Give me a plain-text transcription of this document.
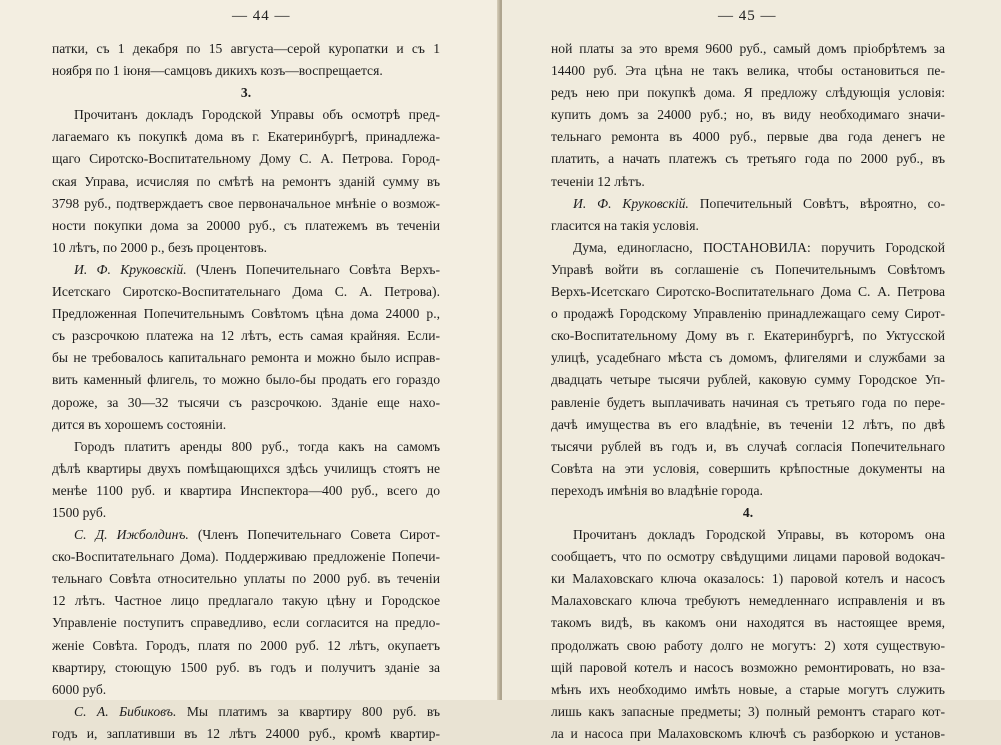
— 44 —
патки, съ 1 декабря по 15 августа—серой куропатки и съ 1
ноября по 1 іюня—самцовъ дикихъ козъ—воспрещается.
3.
Прочитанъ докладъ Городской Управы объ осмотрѣ пред-
лагаемаго къ покупкѣ дома въ г. Екатеринбургѣ, принадлежа-
щаго Сиротско-Воспитательному Дому С. А. Петрова. Город-
ская Управа, исчисляя по смѣтѣ на ремонтъ зданій сумму въ
3798 руб., подтверждаетъ свое первоначальное мнѣніе о возмож-
ности покупки дома за 20000 руб., съ платежемъ въ теченіи
10 лѣтъ, по 2000 р., безъ процентовъ.
И. Ф. Круковскій. (Членъ Попечительнаго Совѣта Верхъ-
Исетскаго Сиротско-Воспитательнаго Дома С. А. Петрова).
Предложенная Попечительнымъ Совѣтомъ цѣна дома 24000 р.,
съ разсрочкою платежа на 12 лѣтъ, есть самая крайняя. Если-
бы не требовалось капитальнаго ремонта и можно было исправ-
вить каменный флигель, то можно было-бы продать его гораздо
дороже, за 30—32 тысячи съ разсрочкою. Зданіе еще нахо-
дится въ хорошемъ состояніи.
Городъ платитъ аренды 800 руб., тогда какъ на самомъ
дѣлѣ квартиры двухъ помѣщающихся здѣсь училищъ стоятъ не
менѣе 1100 руб. и квартира Инспектора—400 руб., всего до
1500 руб.
С. Д. Ижболдинъ. (Членъ Попечительнаго Совета Сирот-
ско-Воспитательнаго Дома). Поддерживаю предложеніе Попечи-
тельнаго Совѣта относительно уплаты по 2000 руб. въ теченіи
12 лѣтъ. Частное лицо предлагало такую цѣну и Городское
Управленіе поступитъ справедливо, если согласится на предло-
женіе Совѣта. Городъ, платя по 2000 руб. 12 лѣтъ, окупаетъ
квартиру, стоющую 1500 руб. въ годъ и получитъ зданіе за
6000 руб.
С. А. Бибиковъ. Мы платимъ за квартиру 800 руб. въ
годъ и, заплативши въ 12 лѣтъ 24000 руб., кромѣ квартир-
— 45 —
ной платы за это время 9600 руб., самый домъ пріобрѣтемъ за
14400 руб. Эта цѣна не такъ велика, чтобы остановиться пе-
редъ нею при покупкѣ дома. Я предложу слѣдующія условія:
купить домъ за 24000 руб.; но, въ виду необходимаго значи-
тельнаго ремонта въ 4000 руб., первые два года денегъ не
платить, а начать платежъ съ третьяго года по 2000 руб., въ
теченіи 12 лѣтъ.
И. Ф. Круковскій. Попечительный Совѣтъ, вѣроятно, со-
гласится на такія условія.
Дума, единогласно, ПОСТАНОВИЛА: поручить Городской
Управѣ войти въ соглашеніе съ Попечительнымъ Совѣтомъ
Верхъ-Исетскаго Сиротско-Воспитательнаго Дома С. А. Петрова
о продажѣ Городскому Управленію принадлежащаго сему Сирот-
ско-Воспитательному Дому въ г. Екатеринбургѣ, по Уктусской
улицѣ, усадебнаго мѣста съ домомъ, флигелями и службами за
двадцать четыре тысячи рублей, каковую сумму Городское Уп-
равленіе будетъ выплачивать начиная съ третьяго года по пере-
дачѣ имущества въ его владѣніе, въ теченіи 12 лѣтъ, по двѣ
тысячи рублей въ годъ и, въ случаѣ согласія Попечительнаго
Совѣта на эти условія, совершить крѣпостные документы на
переходъ имѣнія во владѣніе города.
4.
Прочитанъ докладъ Городской Управы, въ которомъ она
сообщаетъ, что по осмотру свѣдущими лицами паровой водокач-
ки Малаховскаго ключа оказалось: 1) паровой котелъ и насосъ
Малаховскаго ключа требуютъ немедленнаго исправленія и въ
такомъ видѣ, въ какомъ они находятся въ настоящее время,
продолжать свою работу долго не могутъ: 2) хотя существую-
щій паровой котелъ и насосъ возможно ремонтировать, но вза-
мѣнъ ихъ необходимо имѣть новые, а старые могутъ служить
лишь какъ запасные предметы; 3) полный ремонтъ стараго кот-
ла и насоса при Малаховскомъ ключѣ съ разборкою и установ-
